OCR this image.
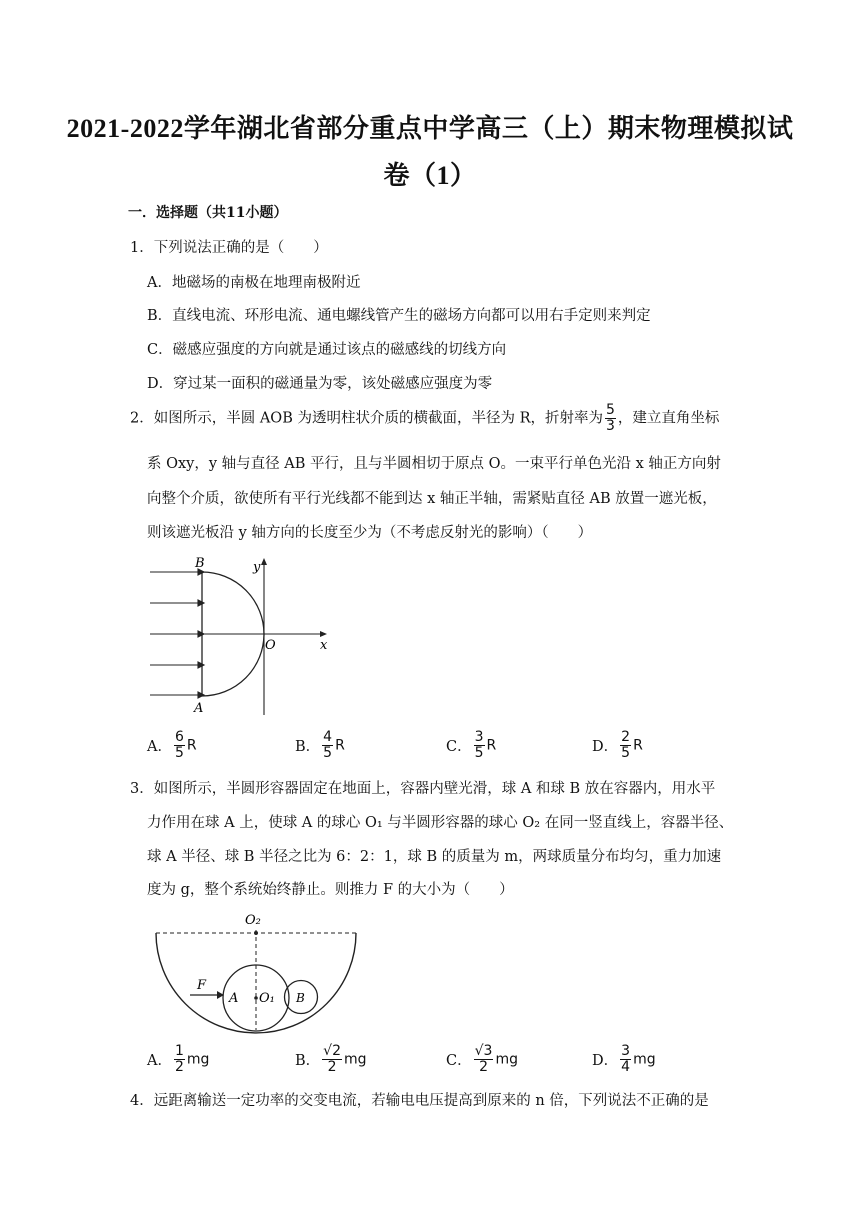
2021-2022学年湖北省部分重点中学高三（上）期末物理模拟试
卷（1）
一．选择题（共11小题）
1．下列说法正确的是（　　）
A．地磁场的南极在地理南极附近
B．直线电流、环形电流、通电螺线管产生的磁场方向都可以用右手定则来判定
C．磁感应强度的方向就是通过该点的磁感线的切线方向
D．穿过某一面积的磁通量为零，该处磁感应强度为零
2．如图所示，半圆 AOB 为透明柱状介质的横截面，半径为 R，折射率为 $\frac{5}{3}$ ，建立直角坐标
系 Oxy，y 轴与直径 AB 平行，且与半圆相切于原点 O。一束平行单色光沿 x 轴正方向射
向整个介质，欲使所有平行光线都不能到达 x 轴正半轴，需紧贴直径 AB 放置一遮光板，
则该遮光板沿 y 轴方向的长度至少为（不考虑反射光的影响）（　　）
B
A
y
O	x
A． $\frac{6}{5}$ R	B． $\frac{4}{5}$ R	C． $\frac{3}{5}$ R	D． $\frac{2}{5}$ R
3．如图所示，半圆形容器固定在地面上，容器内壁光滑，球 A 和球 B 放在容器内，用水平
力作用在球 A 上，使球 A 的球心 O₁ 与半圆形容器的球心 O₂ 在同一竖直线上，容器半径、
球 A 半径、球 B 半径之比为 6：2：1，球 B 的质量为 m，两球质量分布均匀，重力加速
度为 g，整个系统始终静止。则推力 F 的大小为（　　）
O₂
O₁
F
A	B
A． $\frac{1}{2}$ mg	B． $\frac{√2}{2}$ mg	C． $\frac{√3}{2}$ mg	D． $\frac{3}{4}$ mg
4．远距离输送一定功率的交变电流，若输电电压提高到原来的 n 倍，下列说法不正确的是
